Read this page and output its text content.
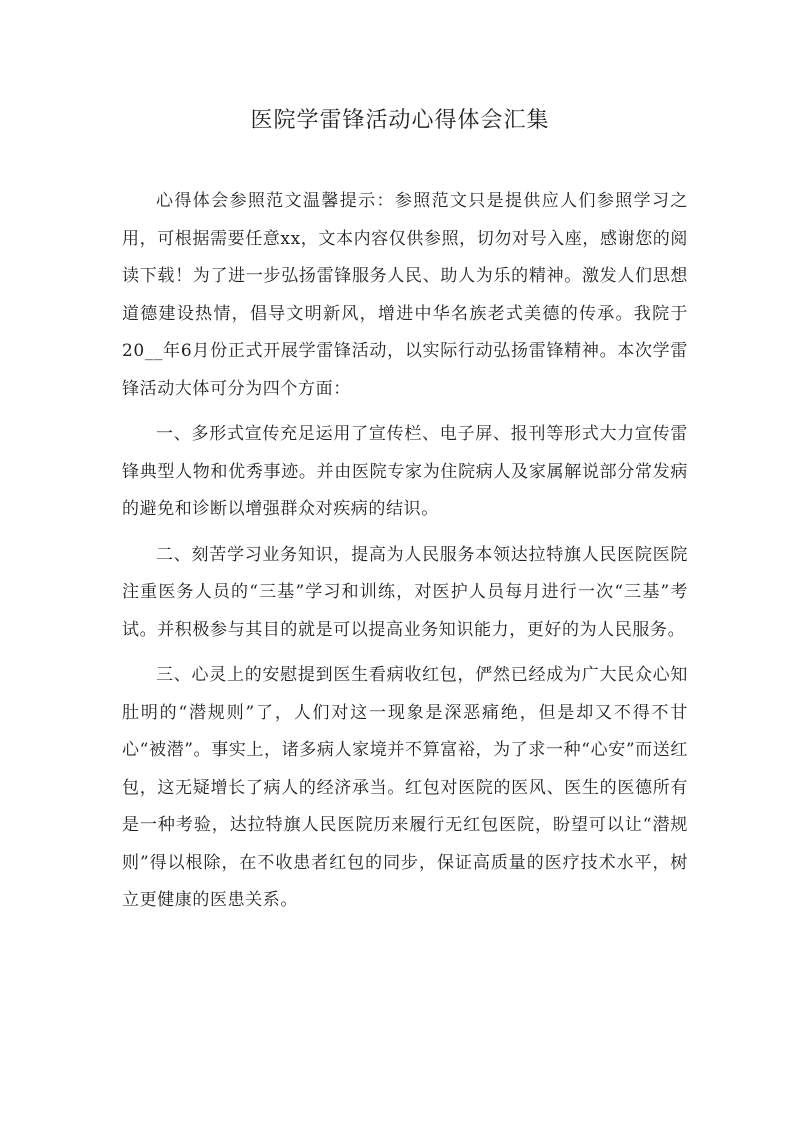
医院学雷锋活动心得体会汇集

心得体会参照范文温馨提示：参照范文只是提供应人们参照学习之用，可根据需要任意xx，文本内容仅供参照，切勿对号入座，感谢您的阅读下载！为了进一步弘扬雷锋服务人民、助人为乐的精神。激发人们思想道德建设热情，倡导文明新风，增进中华名族老式美德的传承。我院于20__年6月份正式开展学雷锋活动，以实际行动弘扬雷锋精神。本次学雷锋活动大体可分为四个方面：

一、多形式宣传充足运用了宣传栏、电子屏、报刊等形式大力宣传雷锋典型人物和优秀事迹。并由医院专家为住院病人及家属解说部分常发病的避免和诊断以增强群众对疾病的结识。

二、刻苦学习业务知识，提高为人民服务本领达拉特旗人民医院医院注重医务人员的“三基”学习和训练，对医护人员每月进行一次“三基”考试。并积极参与其目的就是可以提高业务知识能力，更好的为人民服务。

三、心灵上的安慰提到医生看病收红包，俨然已经成为广大民众心知肚明的“潜规则”了，人们对这一现象是深恶痛绝，但是却又不得不甘心“被潜”。事实上，诸多病人家境并不算富裕，为了求一种“心安”而送红包，这无疑增长了病人的经济承当。红包对医院的医风、医生的医德所有是一种考验，达拉特旗人民医院历来履行无红包医院，盼望可以让“潜规则”得以根除，在不收患者红包的同步，保证高质量的医疗技术水平，树立更健康的医患关系。
